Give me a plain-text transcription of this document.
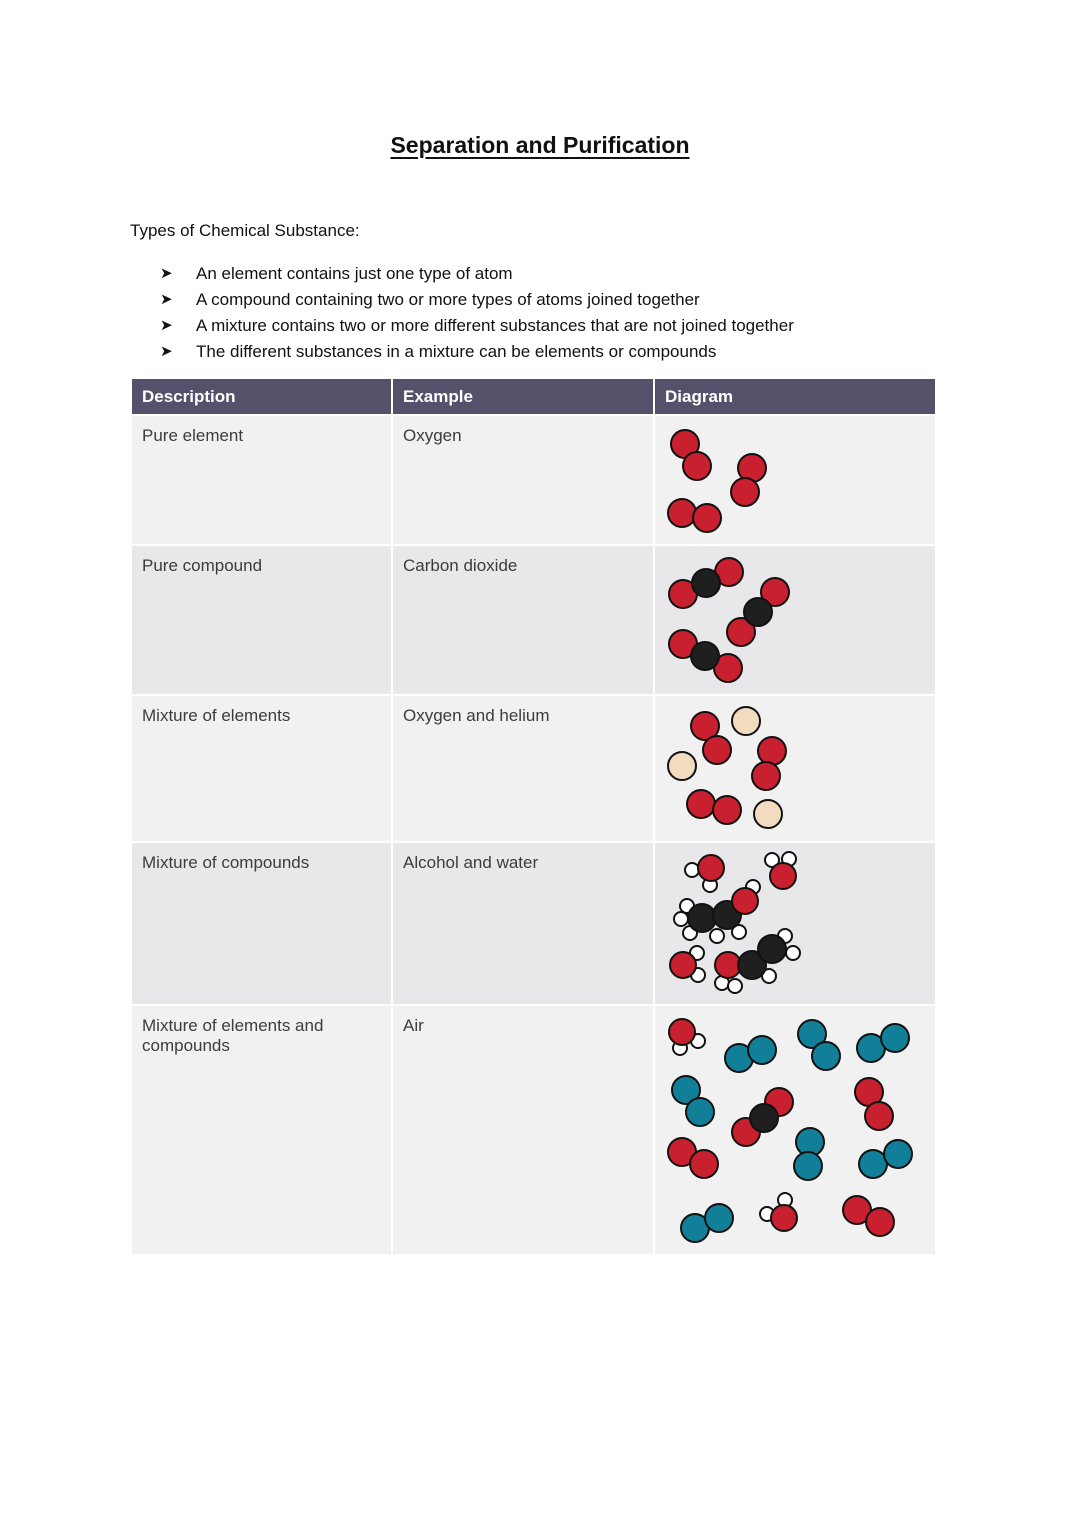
Separation and Purification
Types of Chemical Substance:
➤	An element contains just one type of atom
➤	A compound containing two or more types of atoms joined together
➤	A mixture contains two or more different substances that are not joined together
➤	The different substances in a mixture can be elements or compounds
Description	Example	Diagram
Pure element	Oxygen	

Pure compound	Carbon dioxide	

Mixture of elements	Oxygen and helium	

Mixture of compounds	Alcohol and water	

Mixture of elements and compounds	Air	
